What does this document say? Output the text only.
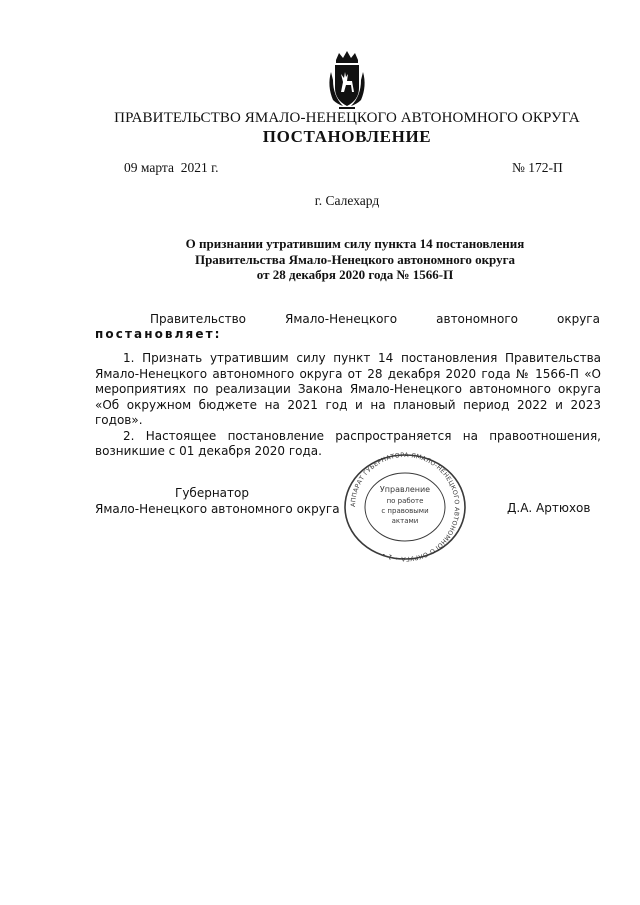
ПРАВИТЕЛЬСТВО ЯМАЛО-НЕНЕЦКОГО АВТОНОМНОГО ОКРУГА
ПОСТАНОВЛЕНИЕ
09 марта  2021 г.	№ 172-П
г. Салехард
О признании утратившим силу пункта 14 постановления
Правительства Ямало-Ненецкого автономного округа
от 28 декабря 2020 года № 1566-П
Правительство	Ямало-Ненецкого	автономного	округа
постановляет:

1. Признать утратившим силу пункт 14 постановления Правительства Ямало-Ненецкого автономного округа от 28 декабря 2020 года № 1566-П «О мероприятиях по реализации Закона Ямало-Ненецкого автономного округа «Об окружном бюджете на 2021 год и на плановый период 2022 и 2023 годов».

2. Настоящее постановление распространяется на правоотношения, возникшие с 01 декабря 2020 года.

Губернатор
Ямало-Ненецкого автономного округа	Д.А. Артюхов
АППАРАТ ГУБЕРНАТОРА ЯМАЛО-НЕНЕЦКОГО АВТОНОМНОГО ОКРУГА • 1 •
Управление
по работе
с правовыми
актами
